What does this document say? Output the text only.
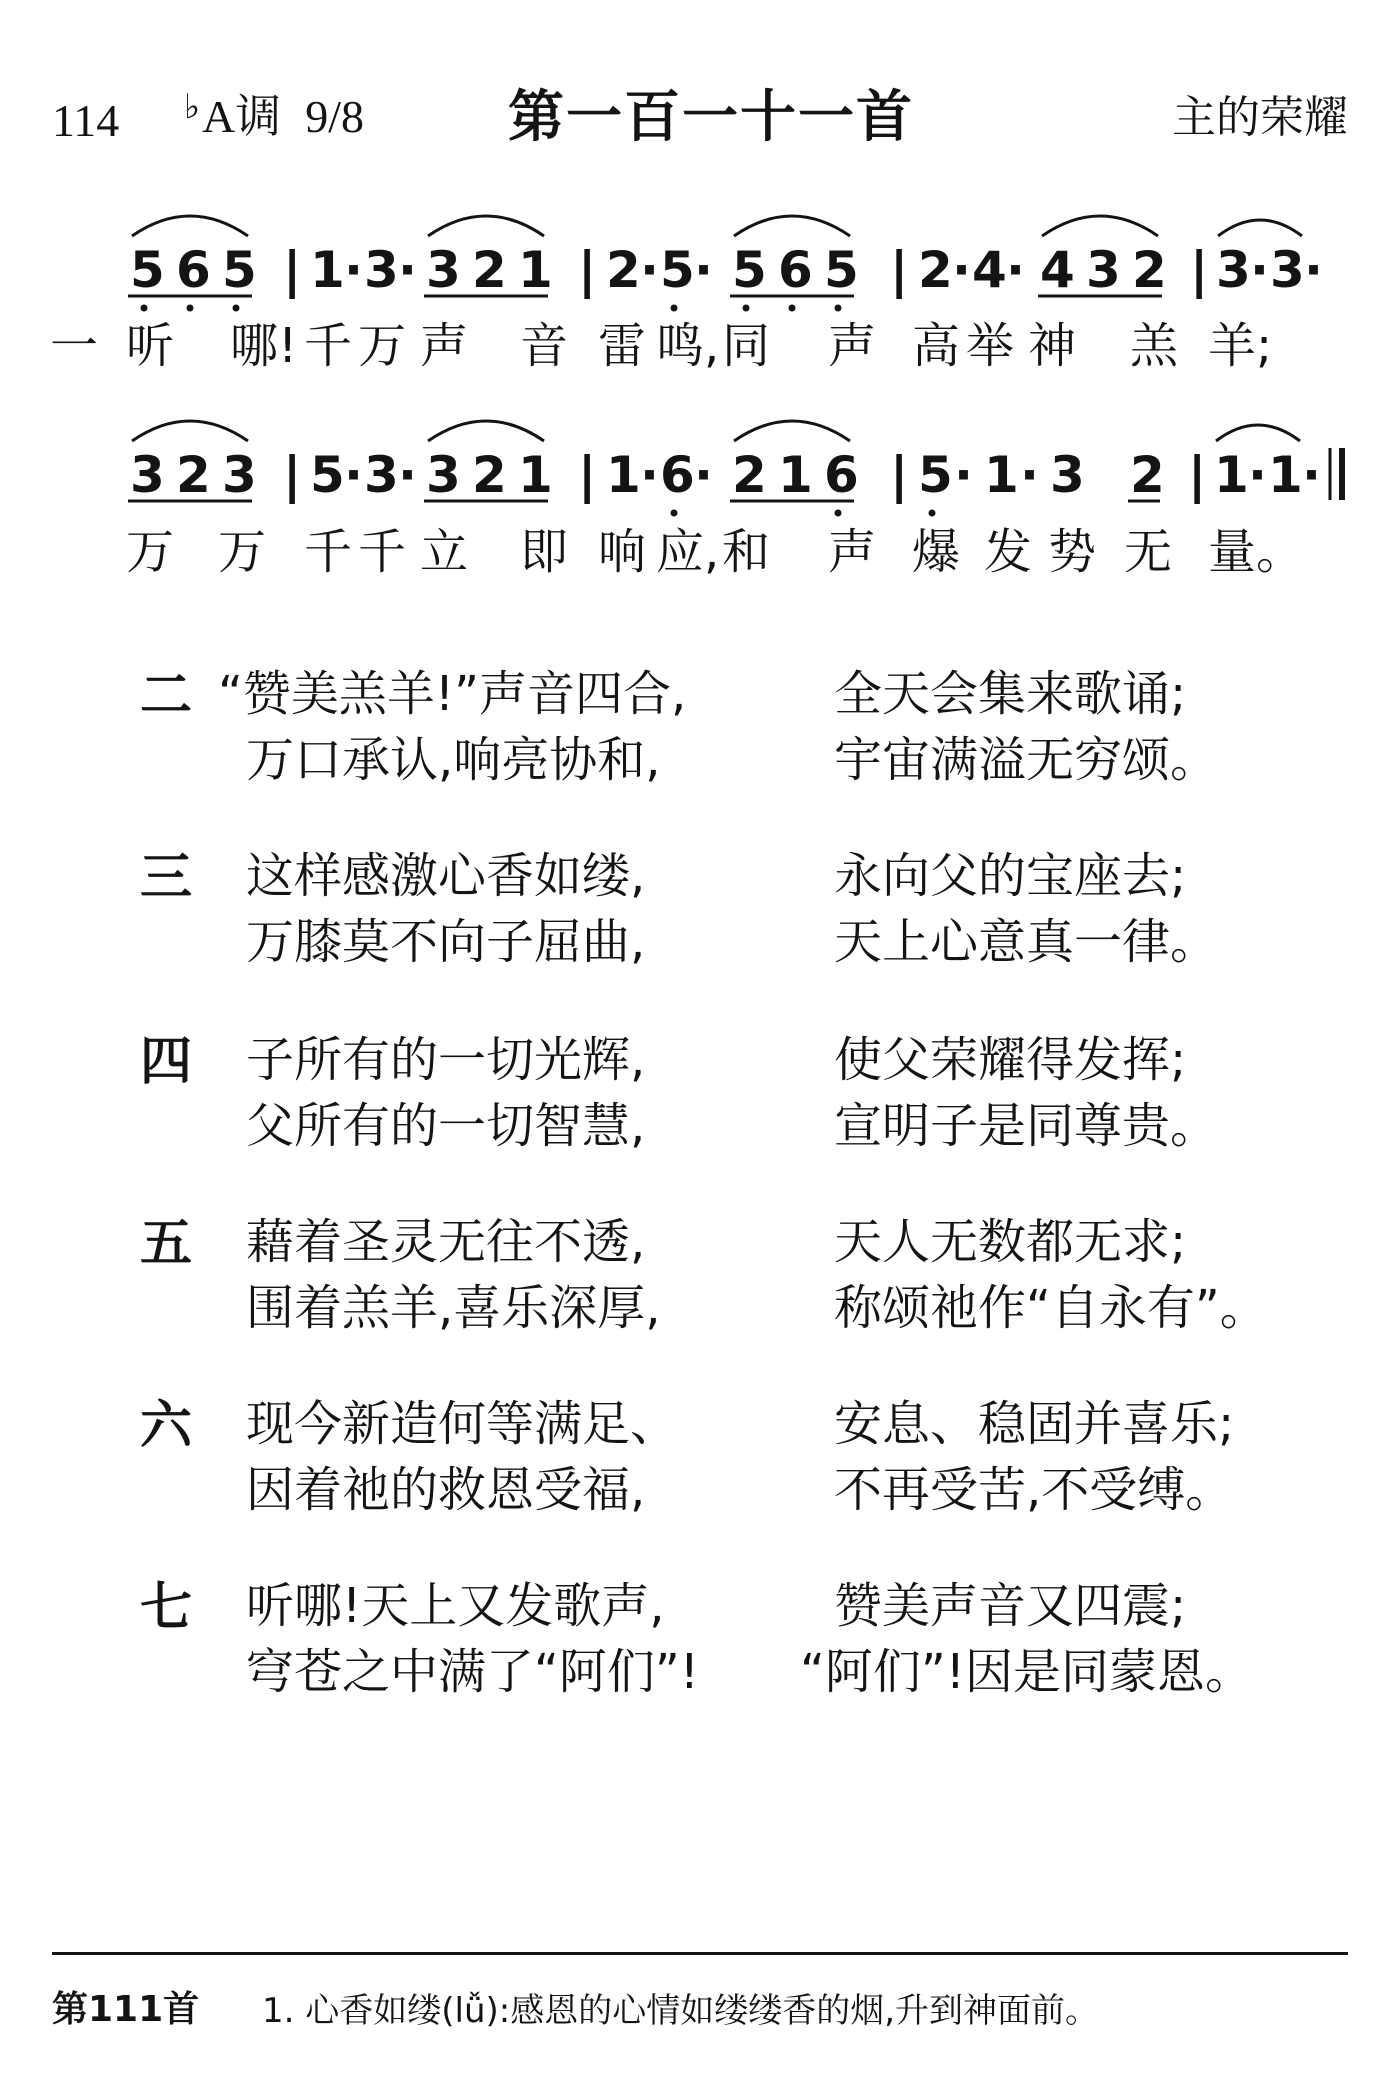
114 ♭A调 9/8	第一百一十一首	主的荣耀
5 6 5 | 1 · 3 · 3 2 1 | 2 · 5 · 5 6 5 | 2 · 4 · 4 3 2 | 3 · 3 ·
一 听 哪! 千 万 声 音 雷 鸣, 同 声 高 举 神 羔 羊;
3 2 3 | 5 · 3 · 3 2 1 | 1 · 6 · 2 1 6 | 5 · 1 · 3 2 | 1 · 1 ·
万 万 千 千 立 即 响 应, 和 声 爆 发 势 无 量。
二 “赞美羔羊!”声音四合,	全天会集来歌诵;
万口承认,响亮协和,	宇宙满溢无穷颂。
三 这样感激心香如缕,	永向父的宝座去;
万膝莫不向子屈曲,	天上心意真一律。
四 子所有的一切光辉,	使父荣耀得发挥;
父所有的一切智慧,	宣明子是同尊贵。
五 藉着圣灵无往不透,	天人无数都无求;
围着羔羊,喜乐深厚,	称颂祂作“自永有”。
六 现今新造何等满足、	安息、稳固并喜乐;
因着祂的救恩受福,	不再受苦,不受缚。
七 听哪!天上又发歌声,	赞美声音又四震;
穹苍之中满了“阿们”! “阿们”!因是同蒙恩。
第111首 1. 心香如缕(lǚ):感恩的心情如缕缕香的烟,升到神面前。
